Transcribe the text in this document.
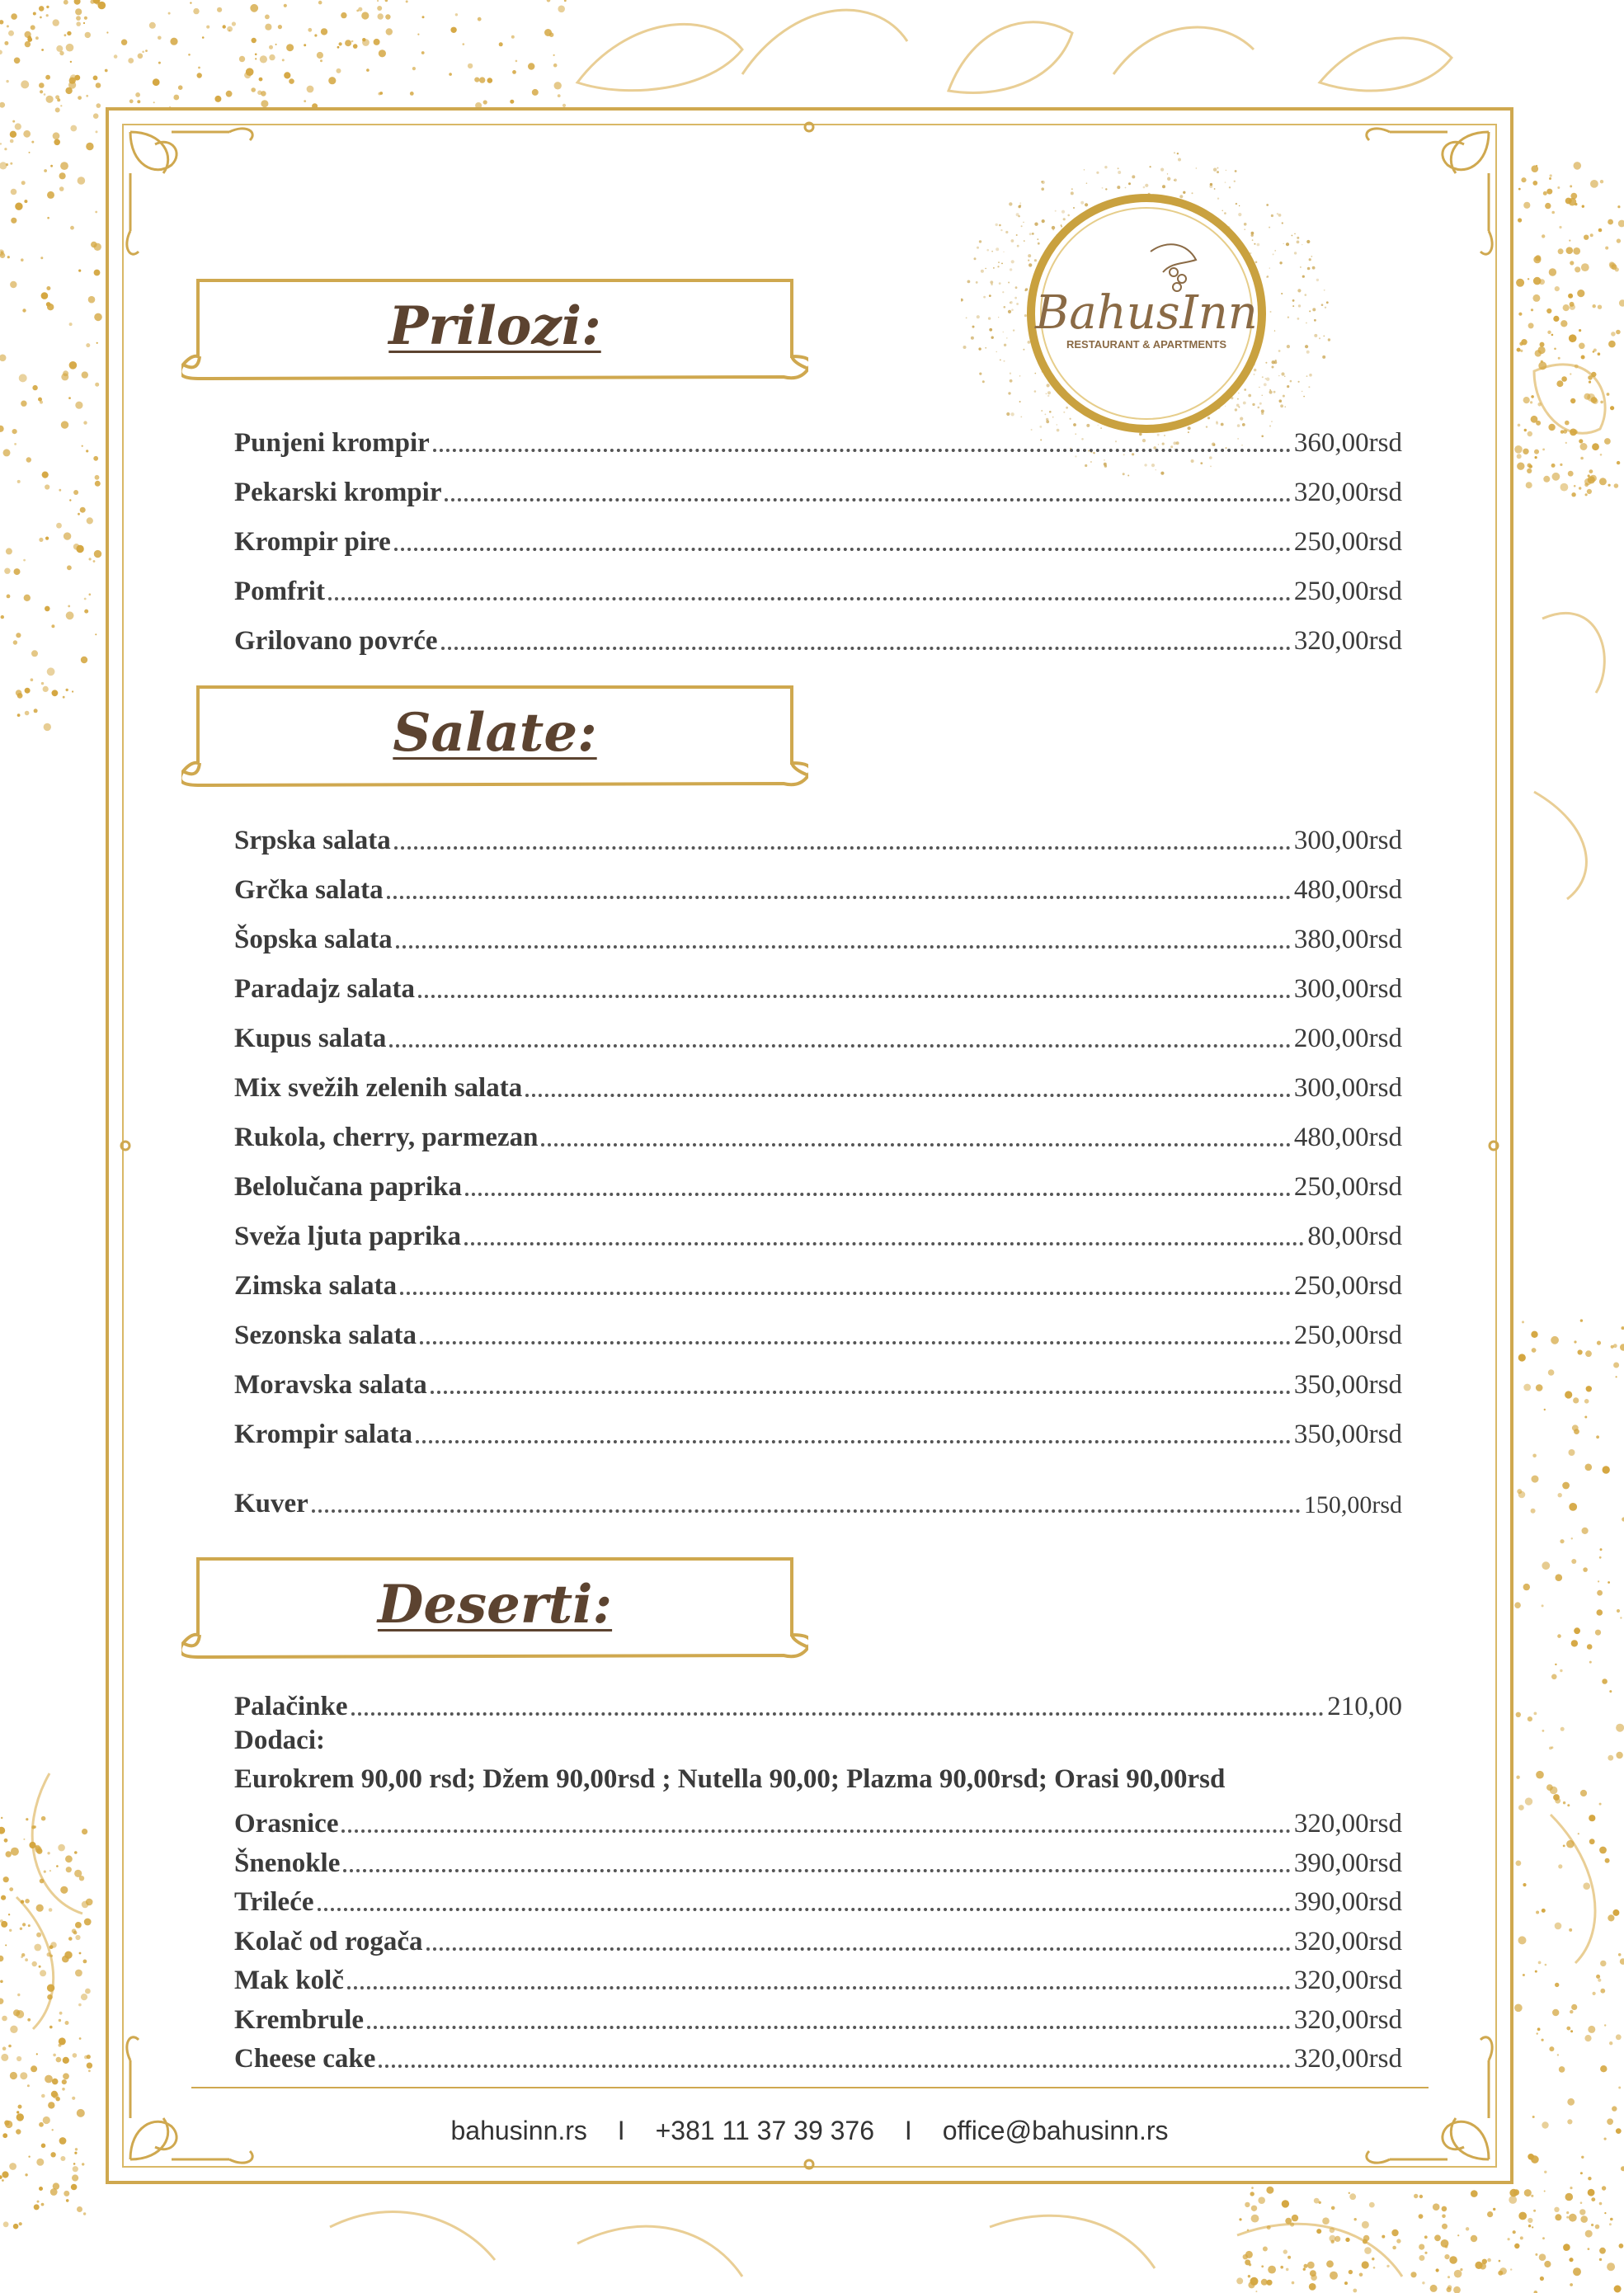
BahusInn
RESTAURANT & APARTMENTS
Prilozi:
Punjeni krompir	360,00rsd
Pekarski krompir	320,00rsd
Krompir pire	250,00rsd
Pomfrit	250,00rsd
Grilovano povrće	320,00rsd
Salate:
Srpska salata	300,00rsd
Grčka salata	480,00rsd
Šopska salata	380,00rsd
Paradajz salata	300,00rsd
Kupus salata	200,00rsd
Mix svežih zelenih salata	300,00rsd
Rukola, cherry, parmezan	480,00rsd
Belolučana paprika	250,00rsd
Sveža ljuta paprika	80,00rsd
Zimska salata	250,00rsd
Sezonska salata	250,00rsd
Moravska salata	350,00rsd
Krompir salata	350,00rsd
Kuver	150,00rsd
Deserti:
Palačinke	210,00
Dodaci:
Eurokrem 90,00 rsd; Džem 90,00rsd ; Nutella 90,00; Plazma 90,00rsd; Orasi 90,00rsd
Orasnice	320,00rsd
Šnenokle	390,00rsd
Trileće	390,00rsd
Kolač od rogača	320,00rsd
Mak kolč	320,00rsd
Krembrule	320,00rsd
Cheese cake	320,00rsd
bahusinn.rs I +381 11 37 39 376 I office@bahusinn.rs
